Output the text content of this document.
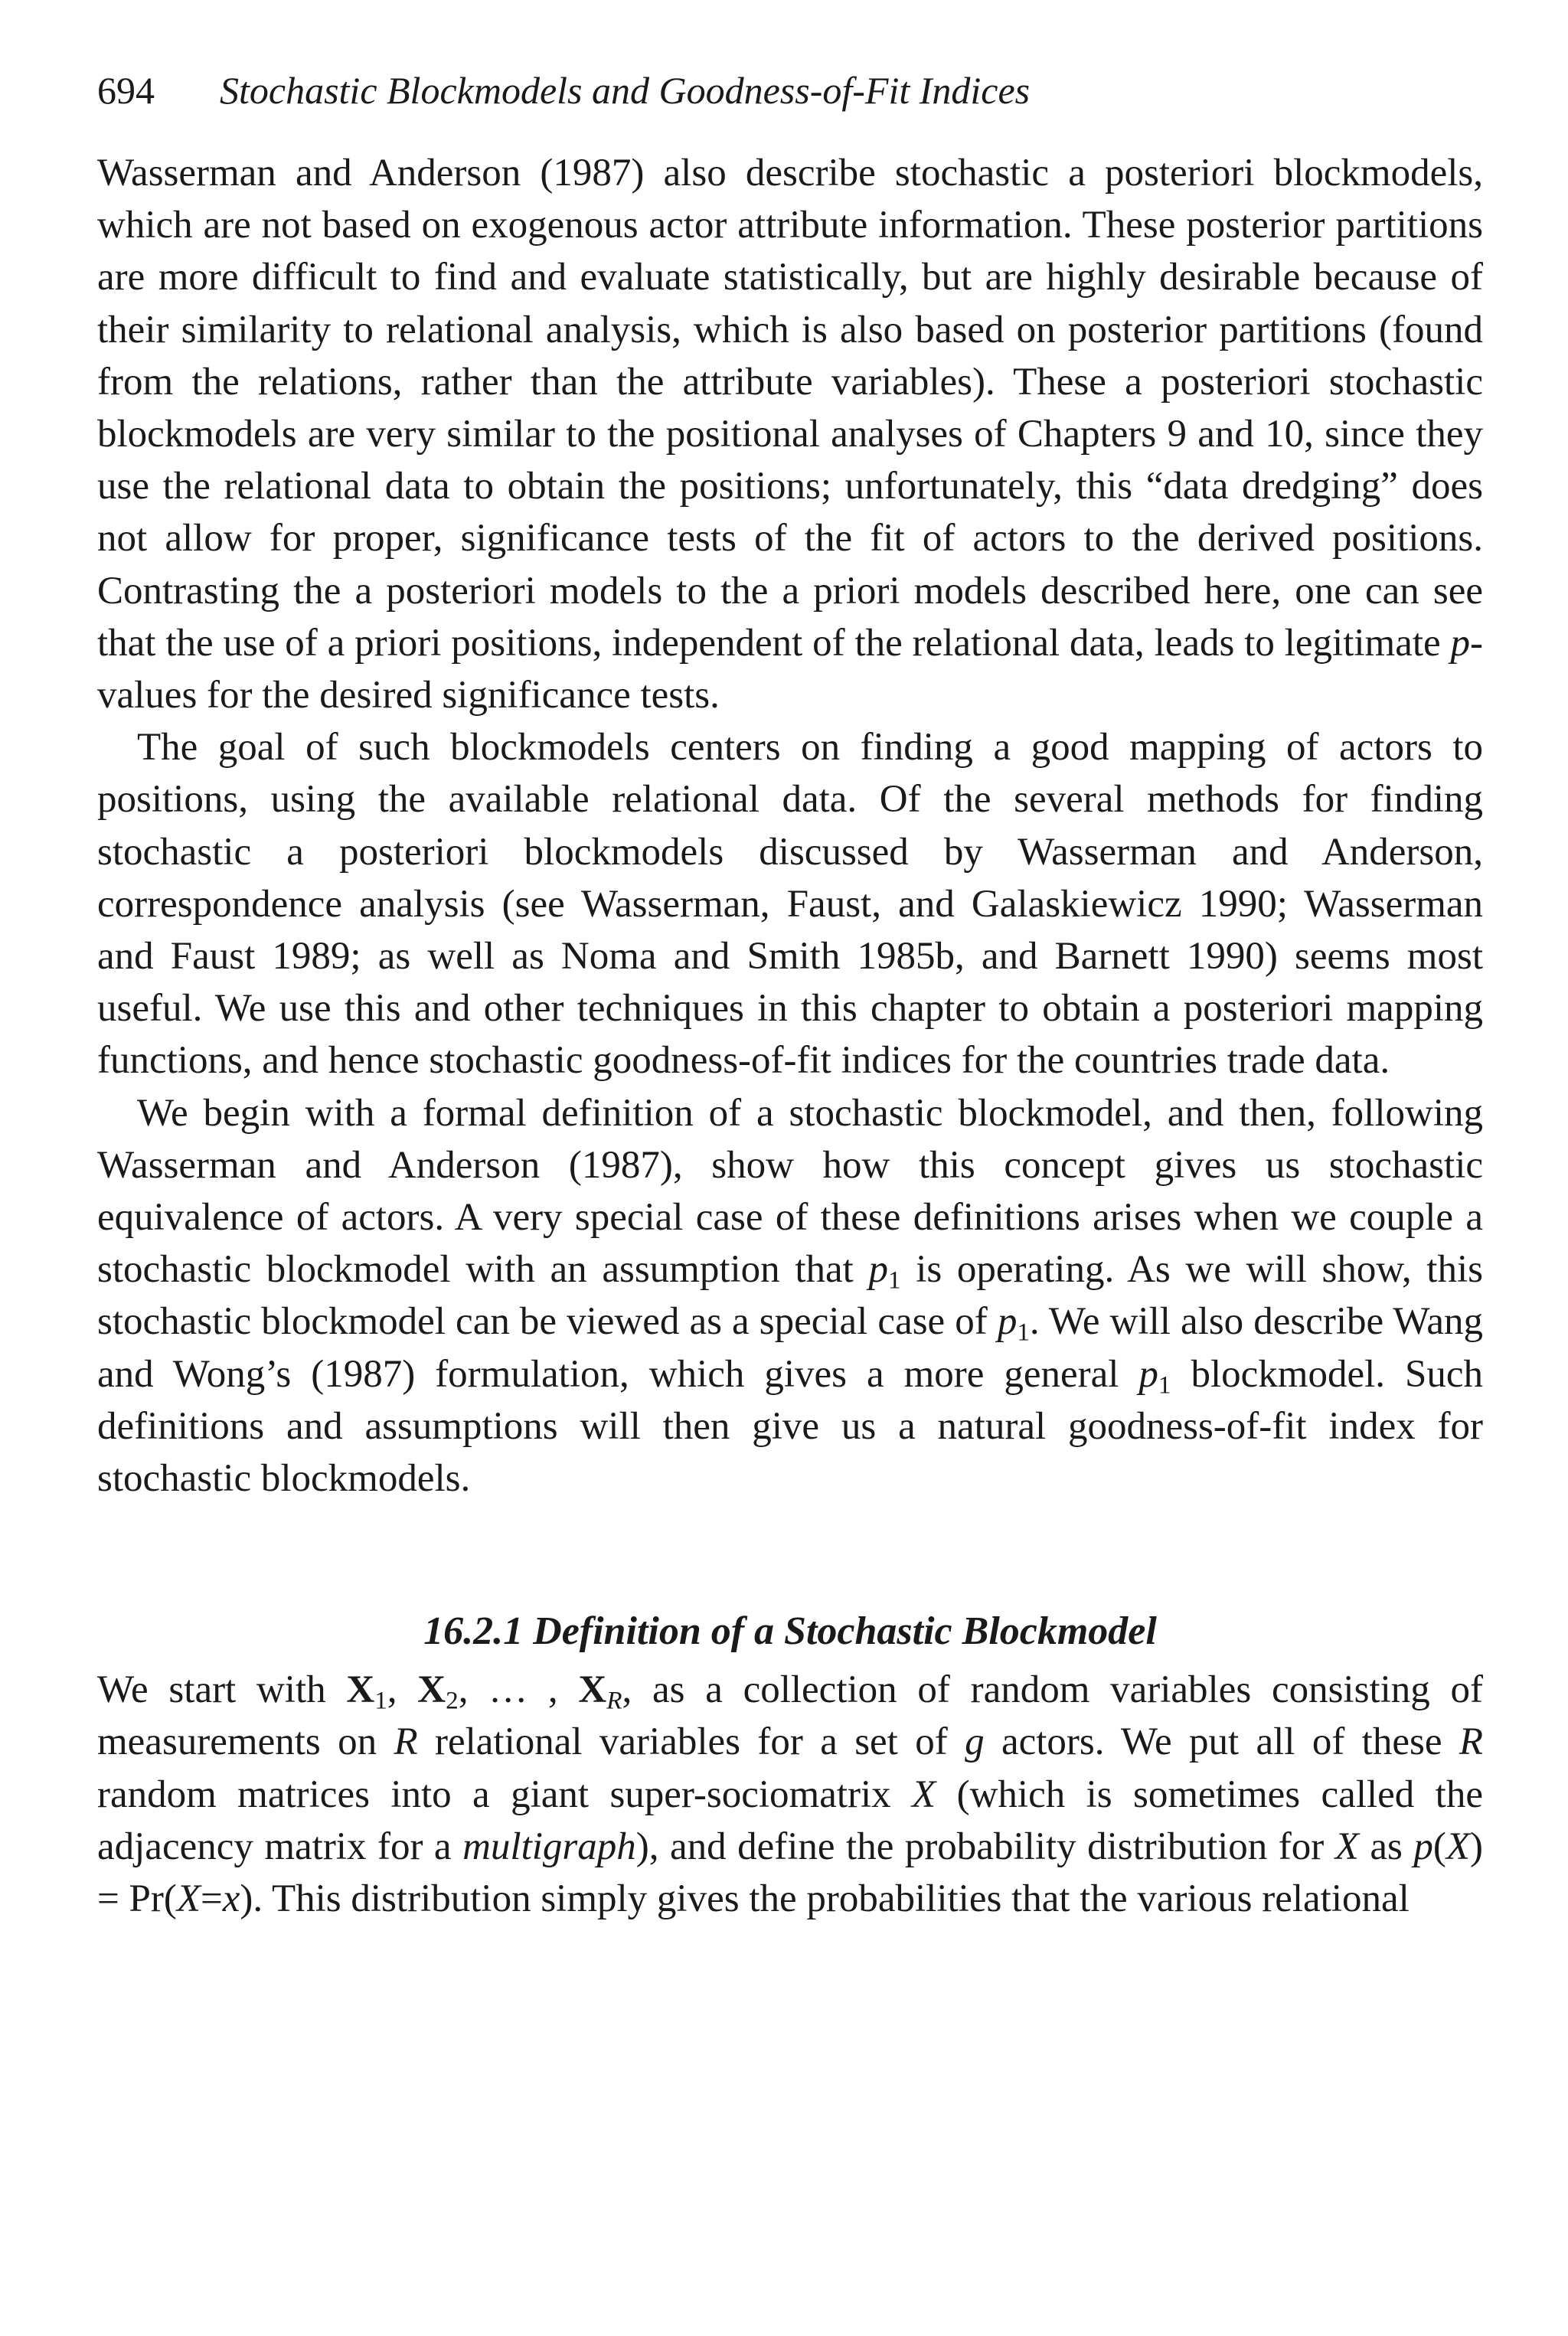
694 Stochastic Blockmodels and Goodness-of-Fit Indices

Wasserman and Anderson (1987) also describe stochastic a posteriori blockmodels, which are not based on exogenous actor attribute information. These posterior partitions are more difficult to find and evaluate statistically, but are highly desirable because of their similarity to relational analysis, which is also based on posterior partitions (found from the relations, rather than the attribute variables). These a posteriori stochastic blockmodels are very similar to the positional analyses of Chapters 9 and 10, since they use the relational data to obtain the positions; unfortunately, this “data dredging” does not allow for proper, significance tests of the fit of actors to the derived positions. Contrasting the a posteriori models to the a priori models described here, one can see that the use of a priori positions, independent of the relational data, leads to legitimate p-values for the desired significance tests.

The goal of such blockmodels centers on finding a good mapping of actors to positions, using the available relational data. Of the several methods for finding stochastic a posteriori blockmodels discussed by Wasserman and Anderson, correspondence analysis (see Wasserman, Faust, and Galaskiewicz 1990; Wasserman and Faust 1989; as well as Noma and Smith 1985b, and Barnett 1990) seems most useful. We use this and other techniques in this chapter to obtain a posteriori mapping functions, and hence stochastic goodness-of-fit indices for the countries trade data.

We begin with a formal definition of a stochastic blockmodel, and then, following Wasserman and Anderson (1987), show how this concept gives us stochastic equivalence of actors. A very special case of these definitions arises when we couple a stochastic blockmodel with an assumption that $p_1$ is operating. As we will show, this stochastic blockmodel can be viewed as a special case of $p_1$. We will also describe Wang and Wong’s (1987) formulation, which gives a more general $p_1$ blockmodel. Such definitions and assumptions will then give us a natural goodness-of-fit index for stochastic blockmodels.

16.2.1 Definition of a Stochastic Blockmodel

We start with $X_1$, $X_2$, … , $X_R$, as a collection of random variables consisting of measurements on R relational variables for a set of g actors. We put all of these R random matrices into a giant super-sociomatrix X (which is sometimes called the adjacency matrix for a multigraph), and define the probability distribution for X as p(X) = Pr(X=x). This distribution simply gives the probabilities that the various relational
